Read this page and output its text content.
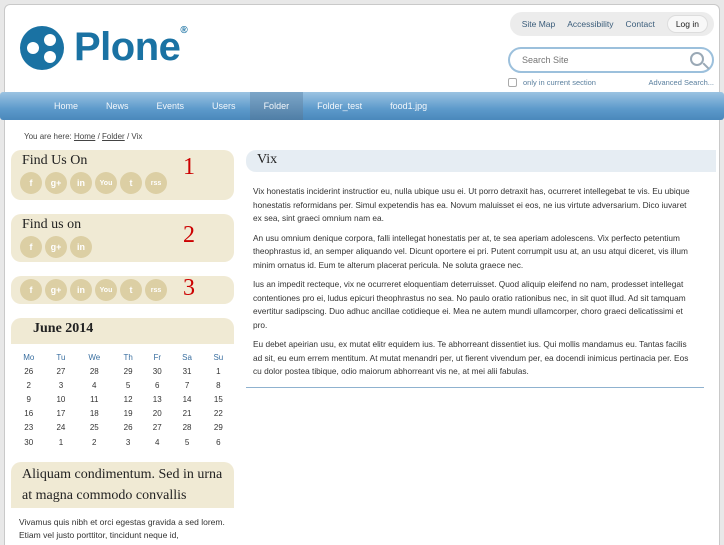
Plone®
Site Map Accessibility Contact	Log in
Search Site
only in current section	Advanced Search...
Home	News	Events	Users	Folder	Folder_test	food1.jpg
You are here: Home / Folder / Vix
Find Us On
f	g+	in	You	t	rss
1
Find us on
f	g+	in	2
f	g+	in	You	t	rss 3
June 2014
Mo	Tu	We	Th	Fr	Sa	Su
26	27	28	29	30	31	1
2	3	4	5	6	7	8
9	10	11	12	13	14	15
16	17	18	19	20	21	22
23	24	25	26	27	28	29
30	1	2	3	4	5	6
Aliquam condimentum. Sed in urna at magna commodo convallis
Vivamus quis nibh et orci egestas gravida a sed lorem. Etiam vel justo porttitor, tincidunt neque id,
Vix

Vix honestatis inciderint instructior eu, nulla ubique usu ei. Ut porro detraxit has, ocurreret intellegebat te vis. Eu ubique honestatis reformidans per. Simul expetendis has ea. Novum maluisset ei eos, ne ius virtute adversarium. Dico iuvaret ex sea, sint graeci omnium nam ea.

An usu omnium denique corpora, falli intellegat honestatis per at, te sea aperiam adolescens. Vix perfecto petentium theophrastus id, an semper aliquando vel. Dicunt oportere ei pri. Putent corrumpit usu at, an usu atqui diceret, vis illum minim ornatus id. Eum te alterum placerat pericula. Ne soluta graece nec.

Ius an impedit recteque, vix ne ocurreret eloquentiam deterruisset. Quod aliquip eleifend no nam, prodesset intellegat contentiones pro ei, ludus epicuri theophrastus no sea. No paulo oratio rationibus nec, in sit quot illud. Ad sit tamquam evertitur sadipscing. Duo adhuc ancillae cotidieque ei. Mea ne autem mundi ullamcorper, choro graeci delicatissimi et pro.

Eu debet apeirian usu, ex mutat elitr equidem ius. Te abhorreant dissentiet ius. Qui mollis mandamus eu. Tantas facilis ad sit, eu eum errem mentitum. At mutat menandri per, ut fierent vivendum per, ea docendi inimicus pertinacia per. Eos cu dolor postea tibique, odio maiorum abhorreant vis ne, at mei alii fabulas.
